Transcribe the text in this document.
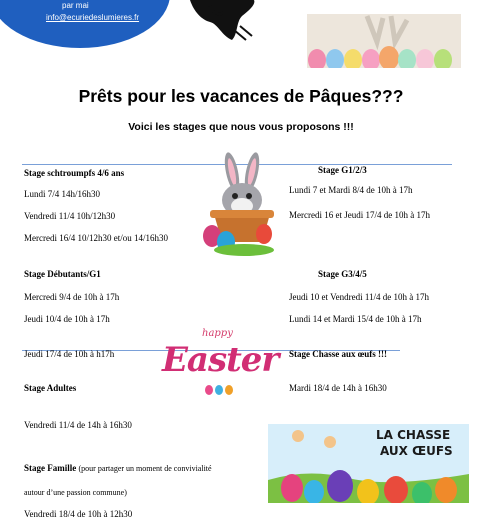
par mai
info@ecuriedeslumieres.fr
Prêts pour les vacances de Pâques???
Voici les stages que nous vous proposons !!!
Stage schtroumpfs 4/6 ans
Lundi 7/4 14h/16h30
Vendredi 11/4 10h/12h30
Mercredi 16/4 10/12h30 et/ou 14/16h30
Stage Débutants/G1
Mercredi 9/4 de 10h à 17h
Jeudi 10/4 de 10h à 17h
Jeudi 17/4 de 10h à h17h
Stage Adultes
Vendredi 11/4 de 14h à 16h30
Stage Famille (pour partager un moment de convivialité
autour d’une passion commune)
Vendredi 18/4 de 10h à 12h30
Stage G1/2/3
Lundi 7 et Mardi 8/4 de 10h à 17h
Mercredi 16 et Jeudi 17/4 de 10h à 17h
Stage G3/4/5
Jeudi 10 et Vendredi 11/4 de 10h à 17h
Lundi 14 et Mardi 15/4 de 10h à 17h
Stage Chasse aux œufs !!!
Mardi 18/4 de 14h à 16h30
happy
Easter
LA CHASSE
AUX ŒUFS
